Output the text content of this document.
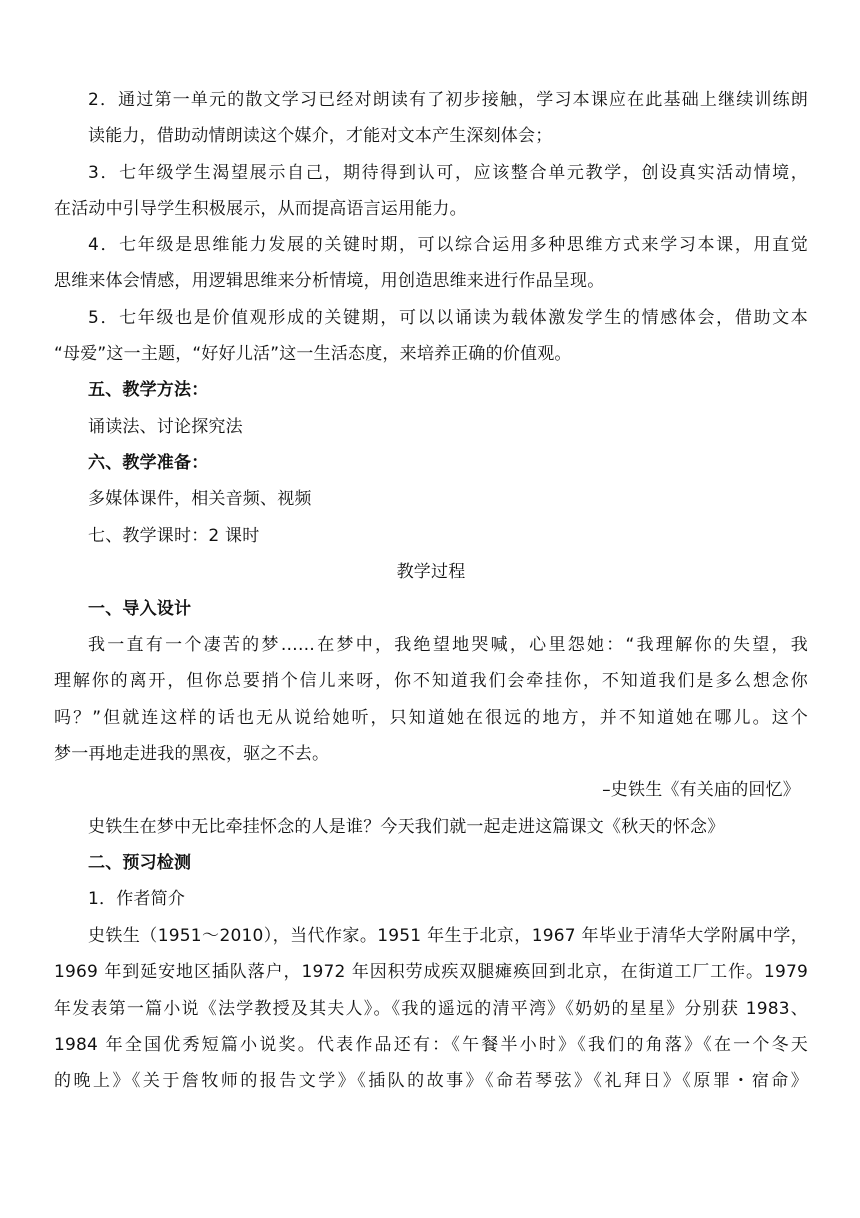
2．通过第一单元的散文学习已经对朗读有了初步接触，学习本课应在此基础上继续训练朗
读能力，借助动情朗读这个媒介，才能对文本产生深刻体会；
3．七年级学生渴望展示自己，期待得到认可，应该整合单元教学，创设真实活动情境，
在活动中引导学生积极展示，从而提高语言运用能力。
4．七年级是思维能力发展的关键时期，可以综合运用多种思维方式来学习本课，用直觉
思维来体会情感，用逻辑思维来分析情境，用创造思维来进行作品呈现。
5．七年级也是价值观形成的关键期，可以以诵读为载体激发学生的情感体会，借助文本
“母爱”这一主题，“好好儿活”这一生活态度，来培养正确的价值观。
五、教学方法：
诵读法、讨论探究法
六、教学准备：
多媒体课件，相关音频、视频
七、教学课时：2 课时
教学过程
一、导入设计
我一直有一个凄苦的梦……在梦中，我绝望地哭喊，心里怨她：“我理解你的失望，我
理解你的离开，但你总要捎个信儿来呀，你不知道我们会牵挂你，不知道我们是多么想念你
吗？”但就连这样的话也无从说给她听，只知道她在很远的地方，并不知道她在哪儿。这个
梦一再地走进我的黑夜，驱之不去。
–史铁生《有关庙的回忆》
史铁生在梦中无比牵挂怀念的人是谁？今天我们就一起走进这篇课文《秋天的怀念》
二、预习检测
1．作者简介
史铁生（1951～2010），当代作家。1951 年生于北京，1967 年毕业于清华大学附属中学，
1969 年到延安地区插队落户，1972 年因积劳成疾双腿瘫痪回到北京，在街道工厂工作。1979
年发表第一篇小说《法学教授及其夫人》。《我的遥远的清平湾》《奶奶的星星》分别获 1983、
1984 年全国优秀短篇小说奖。代表作品还有：《午餐半小时》《我们的角落》《在一个冬天
的晚上》《关于詹牧师的报告文学》《插队的故事》《命若琴弦》《礼拜日》《原罪・宿命》
